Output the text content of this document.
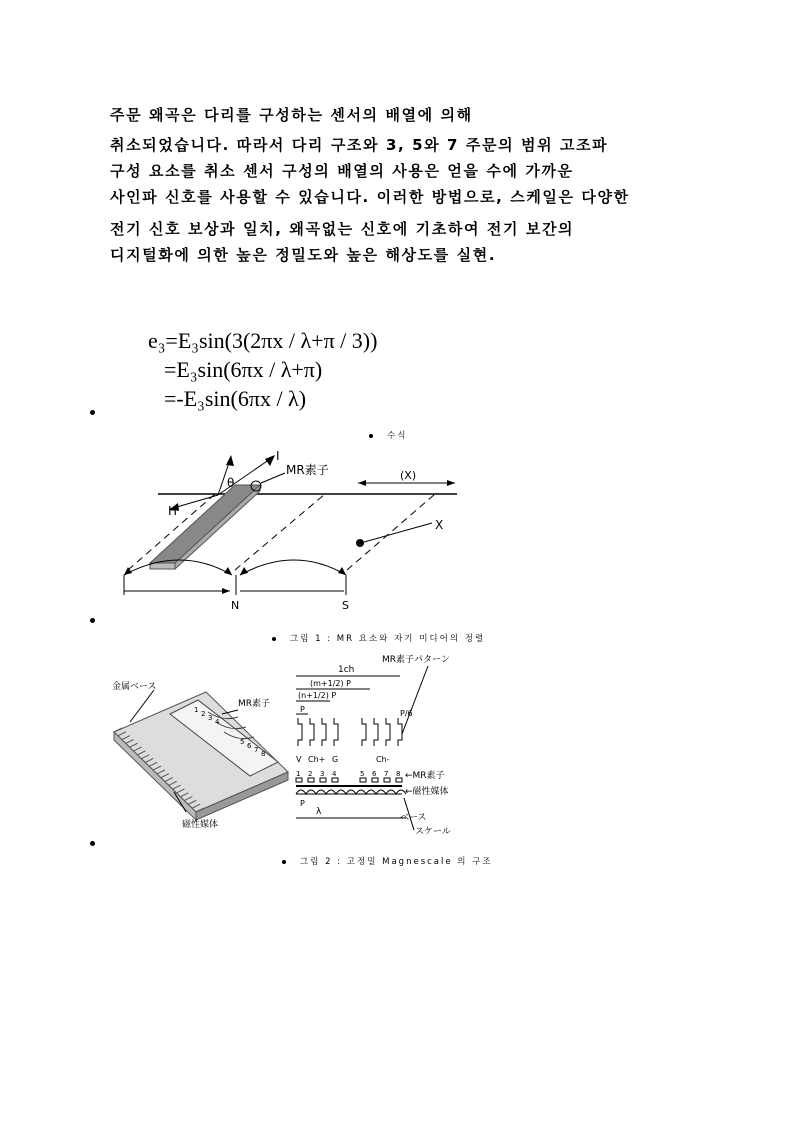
주문 왜곡은 다리를 구성하는 센서의 배열에 의해
취소되었습니다. 따라서 다리 구조와 3, 5와 7 주문의 범위 고조파
구성 요소를 취소 센서 구성의 배열의 사용은 얻을 수에 가까운
사인파 신호를 사용할 수 있습니다. 이러한 방법으로, 스케일은 다양한
전기 신호 보상과 일치, 왜곡없는 신호에 기초하여 전기 보간의
디지털화에 의한 높은 정밀도와 높은 해상도를 실현.
e₃=E₃sin(3(2πx / λ+π / 3))
=E₃sin(6πx / λ+π)
=-E₃sin(6πx / λ)
수식
H
I
θ
MR素子	(X)
X
N	S
그림 1 : MR 요소와 자기 미디어의 정렬
1 2 3 4
5 6 7 8
金属ベース
MR素子
磁性媒体
MR素子パターン
1ch
(m+1/2) P
(n+1/2) P
P	P/6
V Ch+ G	Ch-
1 2 3 4	5 6 7 8 ←MR素子
←磁性媒体
P
λ
ベース
スケール
그림 2 : 고정밀 Magnescale 의 구조
